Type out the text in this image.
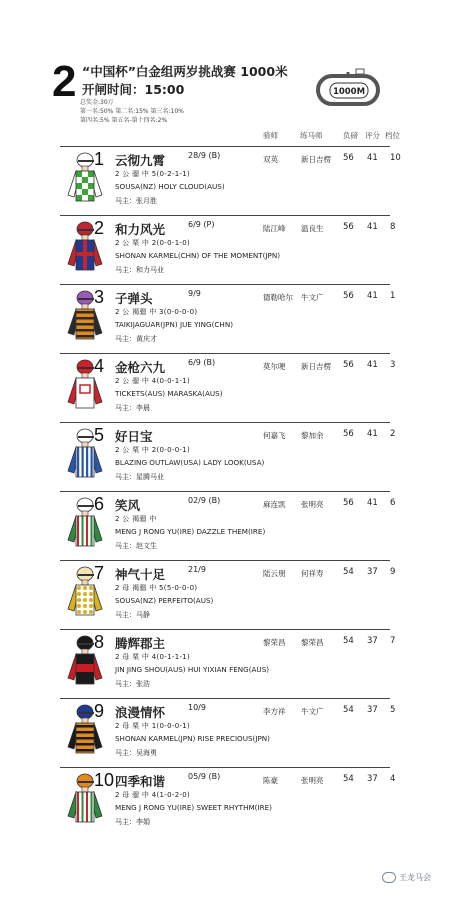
2 “中国杯”白金组两岁挑战赛 1000米
开闸时间：15:00
总奖金:30万
第一名:50% 第二名:15% 第三名:10%
第四名:5% 第五名-第十四名:2%
1000M
骑师	练马师	负磅 评分 档位
1 云彻九霄	28/9 (B)	双英	新日吉楞 56 41 10
2 公 骝 中 5(0-2-1-1)
SOUSA(NZ) HOLY CLOUD(AUS)
马主：张月胜
2 和力风光	6/9 (P)	陆江峰 温良生 56 41 8
2 公 栗 中 2(0-0-1-0)
SHONAN KARMEL(CHN) OF THE MOMENT(JPN)
马主：和力马业
3 子弹头	9/9	德勒哈尔 牛文广 56 41 1
2 公 褐骝 中 3(0-0-0-0)
TAIKIJAGUAR(JPN) JUE YING(CHN)
马主：黄庆才
4 金枪六九	6/9 (B)	莫尔哽 新日吉楞 56 41 3
2 公 骝 中 4(0-0-1-1)
TICKETS(AUS) MARASKA(AUS)
马主：李晨
5 好日宝	何嘉飞 黎加余 56 41 2
2 公 栗 中 2(0-0-0-1)
BLAZING OUTLAW(USA) LADY LOOK(USA)
马主：星腾马业
6 笑风	02/9 (B)	麻连凯 张明亮 56 41 6
2 公 褐骝 中
MENG J RONG YU(IRE) DAZZLE THEM(IRE)
马主：赵文生
7 神气十足	21/9	陆云朋 何祥寿 54 37 9
2 母 褐骝 中 5(5-0-0-0)
SOUSA(NZ) PERFEITO(AUS)
马主：马静
8 腾辉郡主	黎荣昌 黎荣昌 54 37 7
2 母 栗 中 4(0-1-1-1)
JIN JING SHOU(AUS) HUI YIXIAN FENG(AUS)
马主：张浩
9 浪漫情怀	10/9	李方祥 牛文广 54 37 5
2 母 栗 中 1(0-0-0-1)
SHONAN KARMEL(JPN) RISE PRECIOUS(JPN)
马主：吴海勇
10 四季和谐	05/9 (B)	陈豪	张明亮 54 37 4
2 母 骝 中 4(1-0-2-0)
MENG J RONG YU(IRE) SWEET RHYTHM(IRE)
马主：李娟
王龙马会
